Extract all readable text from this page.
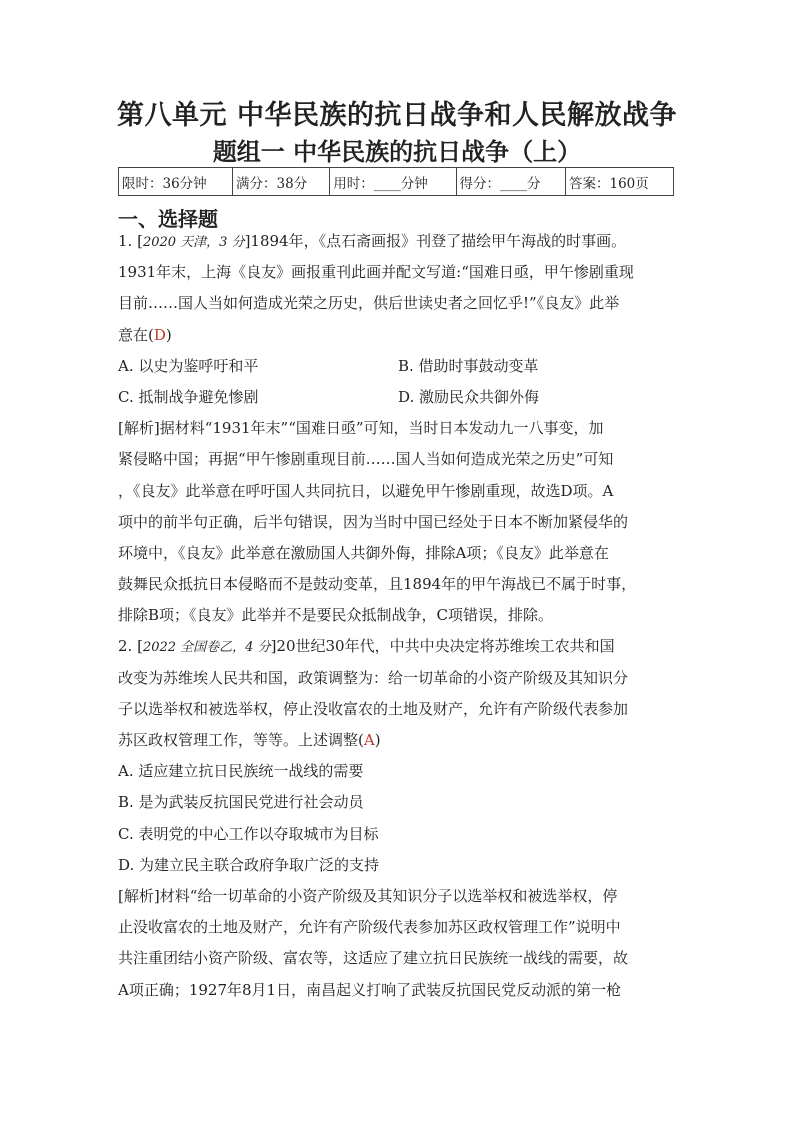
第八单元 中华民族的抗日战争和人民解放战争
题组一 中华民族的抗日战争（上）
限时：36分钟	满分：38分	用时：____分钟	得分：____分	答案：160页
一、选择题
1. [2020 天津，3 分]1894年，《点石斋画报》刊登了描绘甲午海战的时事画。
1931年末，上海《良友》画报重刊此画并配文写道:“国难日亟，甲午惨剧重现
目前……国人当如何造成光荣之历史，供后世读史者之回忆乎!”《良友》此举
意在(D)
A. 以史为鉴呼吁和平	B. 借助时事鼓动变革
C. 抵制战争避免惨剧	D. 激励民众共御外侮
[解析]据材料“1931年末”“国难日亟”可知，当时日本发动九一八事变，加
紧侵略中国；再据“甲午惨剧重现目前……国人当如何造成光荣之历史”可知
，《良友》此举意在呼吁国人共同抗日，以避免甲午惨剧重现，故选D项。A
项中的前半句正确，后半句错误，因为当时中国已经处于日本不断加紧侵华的
环境中，《良友》此举意在激励国人共御外侮，排除A项；《良友》此举意在
鼓舞民众抵抗日本侵略而不是鼓动变革，且1894年的甲午海战已不属于时事，
排除B项；《良友》此举并不是要民众抵制战争，C项错误，排除。
2. [2022 全国卷乙，4 分]20世纪30年代，中共中央决定将苏维埃工农共和国
改变为苏维埃人民共和国，政策调整为：给一切革命的小资产阶级及其知识分
子以选举权和被选举权，停止没收富农的土地及财产，允许有产阶级代表参加
苏区政权管理工作，等等。上述调整(A)
A. 适应建立抗日民族统一战线的需要
B. 是为武装反抗国民党进行社会动员
C. 表明党的中心工作以夺取城市为目标
D. 为建立民主联合政府争取广泛的支持
[解析]材料“给一切革命的小资产阶级及其知识分子以选举权和被选举权，停
止没收富农的土地及财产，允许有产阶级代表参加苏区政权管理工作”说明中
共注重团结小资产阶级、富农等，这适应了建立抗日民族统一战线的需要，故
A项正确；1927年8月1日，南昌起义打响了武装反抗国民党反动派的第一枪
